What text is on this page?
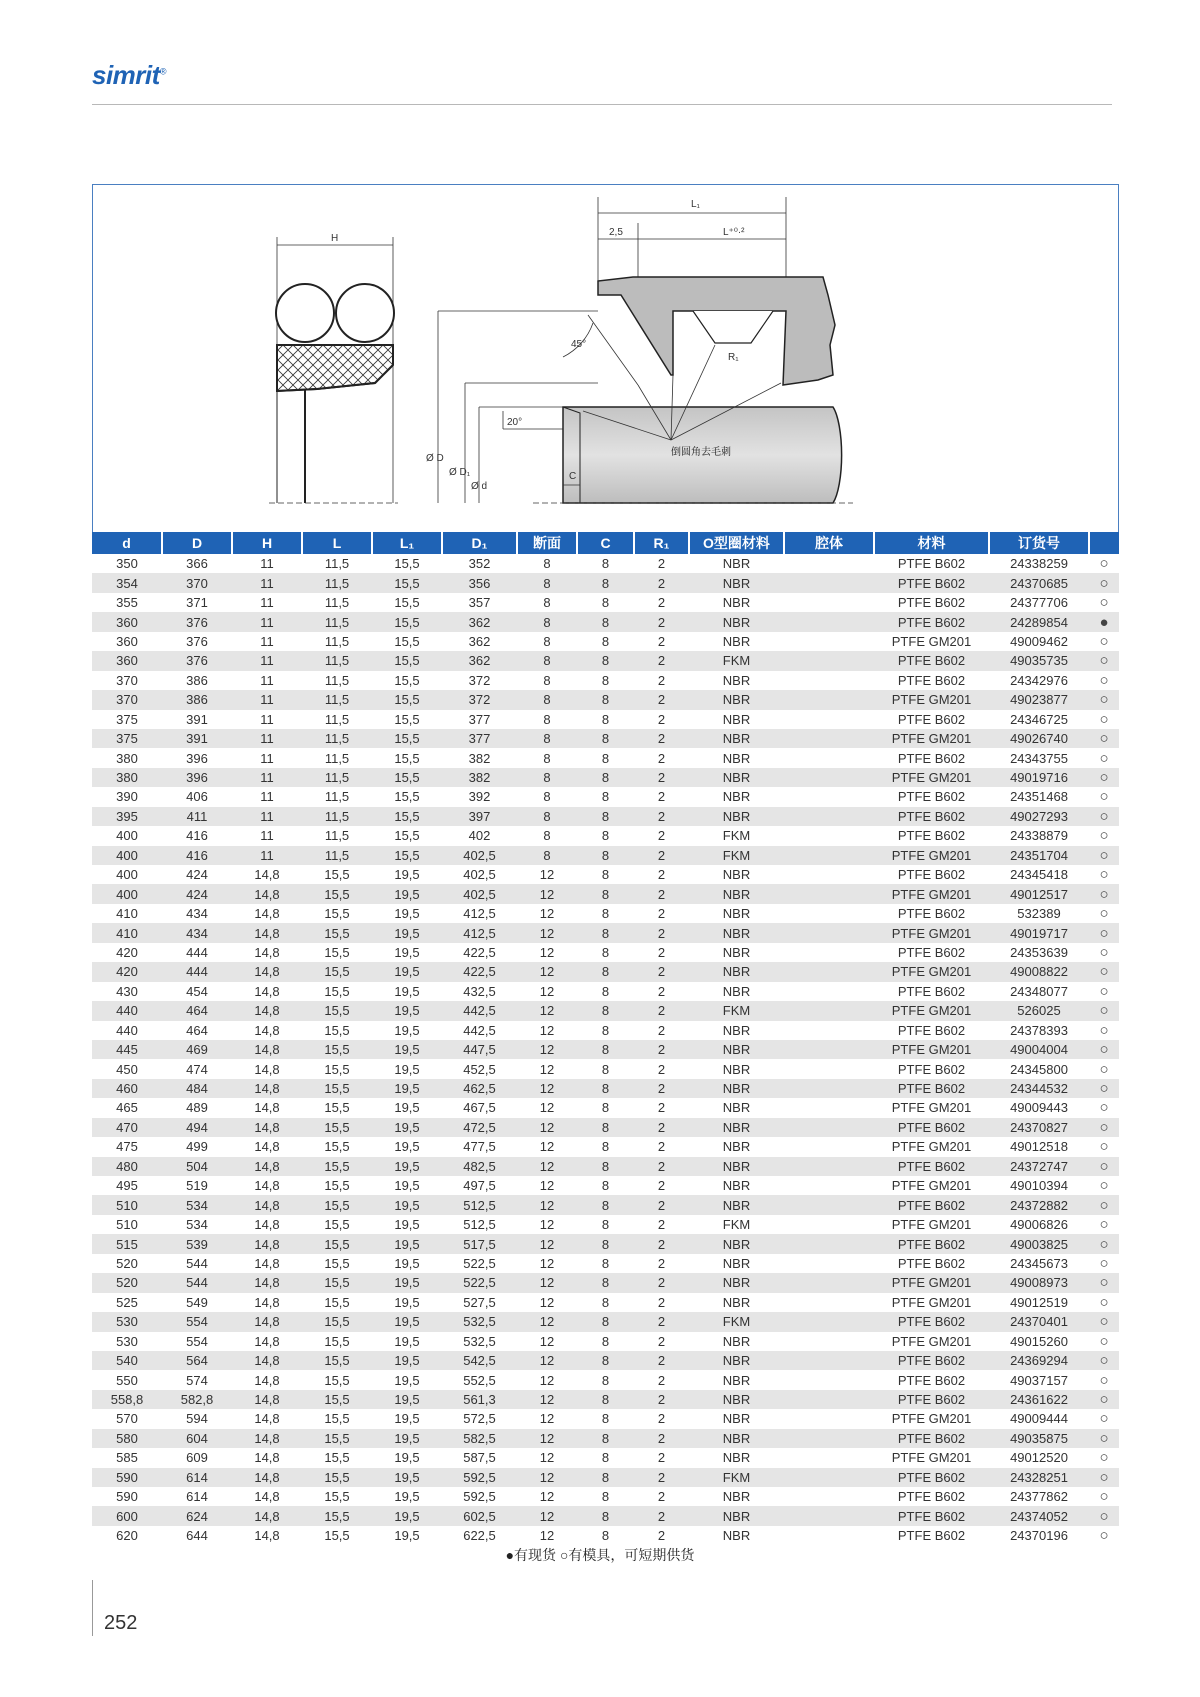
simrit®
H
L₁
2,5	L⁺⁰·²
R₁
45°
Ø D
Ø D₁
Ø d
20°
C
倒圆角去毛刺
d	D	H	L	L₁	D₁	断面	C	R₁	O型圈材料	腔体	材料	订货号	
350	366	11	11,5	15,5	352	8	8	2	NBR		PTFE B602	24338259	○
354	370	11	11,5	15,5	356	8	8	2	NBR		PTFE B602	24370685	○
355	371	11	11,5	15,5	357	8	8	2	NBR		PTFE B602	24377706	○
360	376	11	11,5	15,5	362	8	8	2	NBR		PTFE B602	24289854	●
360	376	11	11,5	15,5	362	8	8	2	NBR		PTFE GM201	49009462	○
360	376	11	11,5	15,5	362	8	8	2	FKM		PTFE B602	49035735	○
370	386	11	11,5	15,5	372	8	8	2	NBR		PTFE B602	24342976	○
370	386	11	11,5	15,5	372	8	8	2	NBR		PTFE GM201	49023877	○
375	391	11	11,5	15,5	377	8	8	2	NBR		PTFE B602	24346725	○
375	391	11	11,5	15,5	377	8	8	2	NBR		PTFE GM201	49026740	○
380	396	11	11,5	15,5	382	8	8	2	NBR		PTFE B602	24343755	○
380	396	11	11,5	15,5	382	8	8	2	NBR		PTFE GM201	49019716	○
390	406	11	11,5	15,5	392	8	8	2	NBR		PTFE B602	24351468	○
395	411	11	11,5	15,5	397	8	8	2	NBR		PTFE B602	49027293	○
400	416	11	11,5	15,5	402	8	8	2	FKM		PTFE B602	24338879	○
400	416	11	11,5	15,5	402,5	8	8	2	FKM		PTFE GM201	24351704	○
400	424	14,8	15,5	19,5	402,5	12	8	2	NBR		PTFE B602	24345418	○
400	424	14,8	15,5	19,5	402,5	12	8	2	NBR		PTFE GM201	49012517	○
410	434	14,8	15,5	19,5	412,5	12	8	2	NBR		PTFE B602	532389	○
410	434	14,8	15,5	19,5	412,5	12	8	2	NBR		PTFE GM201	49019717	○
420	444	14,8	15,5	19,5	422,5	12	8	2	NBR		PTFE B602	24353639	○
420	444	14,8	15,5	19,5	422,5	12	8	2	NBR		PTFE GM201	49008822	○
430	454	14,8	15,5	19,5	432,5	12	8	2	NBR		PTFE B602	24348077	○
440	464	14,8	15,5	19,5	442,5	12	8	2	FKM		PTFE GM201	526025	○
440	464	14,8	15,5	19,5	442,5	12	8	2	NBR		PTFE B602	24378393	○
445	469	14,8	15,5	19,5	447,5	12	8	2	NBR		PTFE GM201	49004004	○
450	474	14,8	15,5	19,5	452,5	12	8	2	NBR		PTFE B602	24345800	○
460	484	14,8	15,5	19,5	462,5	12	8	2	NBR		PTFE B602	24344532	○
465	489	14,8	15,5	19,5	467,5	12	8	2	NBR		PTFE GM201	49009443	○
470	494	14,8	15,5	19,5	472,5	12	8	2	NBR		PTFE B602	24370827	○
475	499	14,8	15,5	19,5	477,5	12	8	2	NBR		PTFE GM201	49012518	○
480	504	14,8	15,5	19,5	482,5	12	8	2	NBR		PTFE B602	24372747	○
495	519	14,8	15,5	19,5	497,5	12	8	2	NBR		PTFE GM201	49010394	○
510	534	14,8	15,5	19,5	512,5	12	8	2	NBR		PTFE B602	24372882	○
510	534	14,8	15,5	19,5	512,5	12	8	2	FKM		PTFE GM201	49006826	○
515	539	14,8	15,5	19,5	517,5	12	8	2	NBR		PTFE B602	49003825	○
520	544	14,8	15,5	19,5	522,5	12	8	2	NBR		PTFE B602	24345673	○
520	544	14,8	15,5	19,5	522,5	12	8	2	NBR		PTFE GM201	49008973	○
525	549	14,8	15,5	19,5	527,5	12	8	2	NBR		PTFE GM201	49012519	○
530	554	14,8	15,5	19,5	532,5	12	8	2	FKM		PTFE B602	24370401	○
530	554	14,8	15,5	19,5	532,5	12	8	2	NBR		PTFE GM201	49015260	○
540	564	14,8	15,5	19,5	542,5	12	8	2	NBR		PTFE B602	24369294	○
550	574	14,8	15,5	19,5	552,5	12	8	2	NBR		PTFE B602	49037157	○
558,8	582,8	14,8	15,5	19,5	561,3	12	8	2	NBR		PTFE B602	24361622	○
570	594	14,8	15,5	19,5	572,5	12	8	2	NBR		PTFE GM201	49009444	○
580	604	14,8	15,5	19,5	582,5	12	8	2	NBR		PTFE B602	49035875	○
585	609	14,8	15,5	19,5	587,5	12	8	2	NBR		PTFE GM201	49012520	○
590	614	14,8	15,5	19,5	592,5	12	8	2	FKM		PTFE B602	24328251	○
590	614	14,8	15,5	19,5	592,5	12	8	2	NBR		PTFE B602	24377862	○
600	624	14,8	15,5	19,5	602,5	12	8	2	NBR		PTFE B602	24374052	○
620	644	14,8	15,5	19,5	622,5	12	8	2	NBR		PTFE B602	24370196	○
●有现货 ○有模具，可短期供货
252
